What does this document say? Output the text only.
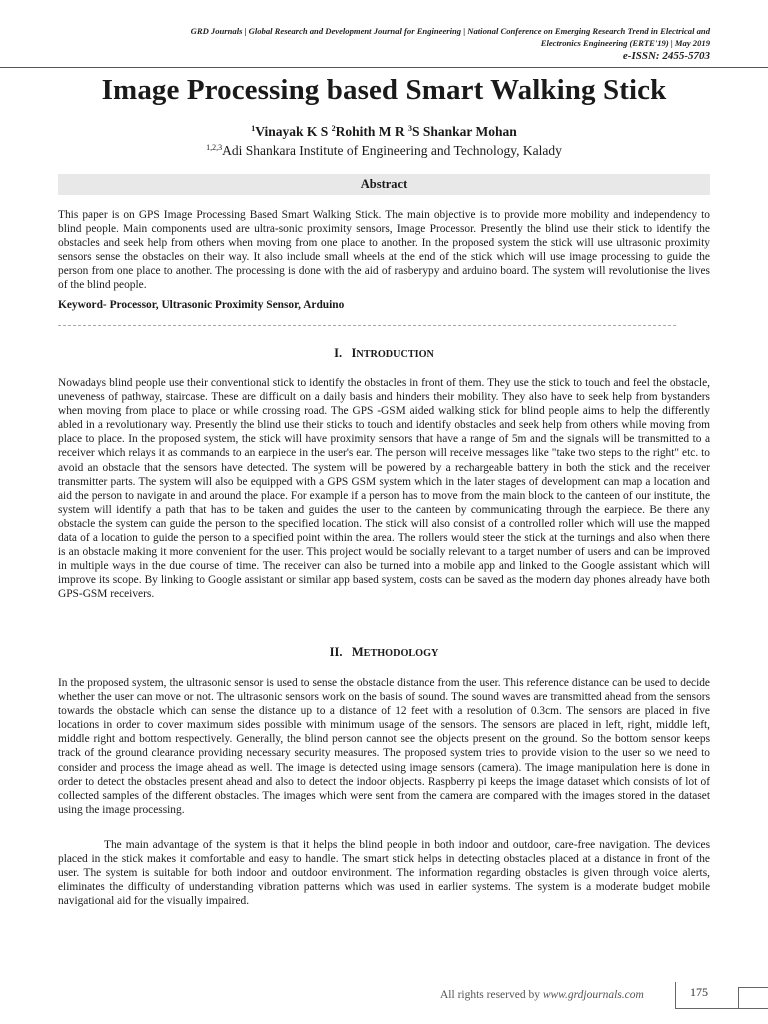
GRD Journals | Global Research and Development Journal for Engineering | National Conference on Emerging Research Trend in Electrical and
Electronics Engineering (ERTE'19) | May 2019
e-ISSN: 2455-5703
Image Processing based Smart Walking Stick
$^1$Vinayak K S $^2$Rohith M R $^3$S Shankar Mohan
$^{1,2,3}$Adi Shankara Institute of Engineering and Technology, Kalady
Abstract
This paper is on GPS Image Processing Based Smart Walking Stick. The main objective is to provide more mobility and independency to blind people. Main components used are ultra-sonic proximity sensors, Image Processor. Presently the blind use their stick to identify the obstacles and seek help from others when moving from one place to another. In the proposed system the stick will use ultrasonic proximity sensors sense the obstacles on their way. It also include small wheels at the end of the stick which will use image processing to guide the person from one place to another. The processing is done with the aid of rasberypy and arduino board. The system will revolutionise the lives of the blind people.
Keyword- Processor, Ultrasonic Proximity Sensor, Arduino
I. INTRODUCTION
Nowadays blind people use their conventional stick to identify the obstacles in front of them. They use the stick to touch and feel the obstacle, uneveness of pathway, staircase. These are difficult on a daily basis and hinders their mobility. They also have to seek help from bystanders when moving from place to place or while crossing road. The GPS -GSM aided walking stick for blind people aims to help the differently abled in a revolutionary way. Presently the blind use their sticks to touch and identify obstacles and seek help from others while moving from place to place. In the proposed system, the stick will have proximity sensors that have a range of 5m and the signals will be transmitted to a receiver which relays it as commands to an earpiece in the user's ear. The person will receive messages like "take two steps to the right" etc. to avoid an obstacle that the sensors have detected. The system will be powered by a rechargeable battery in both the stick and the receiver transmitter parts. The system will also be equipped with a GPS GSM system which in the later stages of development can map a location and aid the person to navigate in and around the place. For example if a person has to move from the main block to the canteen of our institute, the system will identify a path that has to be taken and guides the user to the canteen by communicating through the earpiece. Be there any obstacle the system can guide the person to the specified location. The stick will also consist of a controlled roller which will use the mapped data of a location to guide the person to a specified point within the area. The rollers would steer the stick at the turnings and also when there is an obstacle making it more convenient for the user. This project would be socially relevant to a target number of users and can be improved in multiple ways in the due course of time. The receiver can also be turned into a mobile app and linked to the Google assistant which will improve its scope. By linking to Google assistant or similar app based system, costs can be saved as the modern day phones already have both GPS-GSM receivers.
II. METHODOLOGY
In the proposed system, the ultrasonic sensor is used to sense the obstacle distance from the user. This reference distance can be used to decide whether the user can move or not. The ultrasonic sensors work on the basis of sound. The sound waves are transmitted ahead from the sensors towards the obstacle which can sense the distance up to a distance of 12 feet with a resolution of 0.3cm. The sensors are placed in five locations in order to cover maximum sides possible with minimum usage of the sensors. The sensors are placed in left, right, middle left, middle right and bottom respectively. Generally, the blind person cannot see the objects present on the ground. So the bottom sensor keeps track of the ground clearance providing necessary security measures. The proposed system tries to provide vision to the user so we need to consider and process the image ahead as well. The image is detected using image sensors (camera). The image manipulation here is done in order to detect the obstacles present ahead and also to detect the indoor objects. Raspberry pi keeps the image dataset which consists of lot of collected samples of the different obstacles. The images which were sent from the camera are compared with the images stored in the dataset using the image processing.
The main advantage of the system is that it helps the blind people in both indoor and outdoor, care-free navigation. The devices placed in the stick makes it comfortable and easy to handle. The smart stick helps in detecting obstacles placed at a distance in front of the user. The system is suitable for both indoor and outdoor environment. The information regarding obstacles is given through voice alerts, eliminates the difficulty of understanding vibration patterns which was used in earlier systems. The system is a moderate budget mobile navigational aid for the visually impaired.
All rights reserved by www.grdjournals.com	175
